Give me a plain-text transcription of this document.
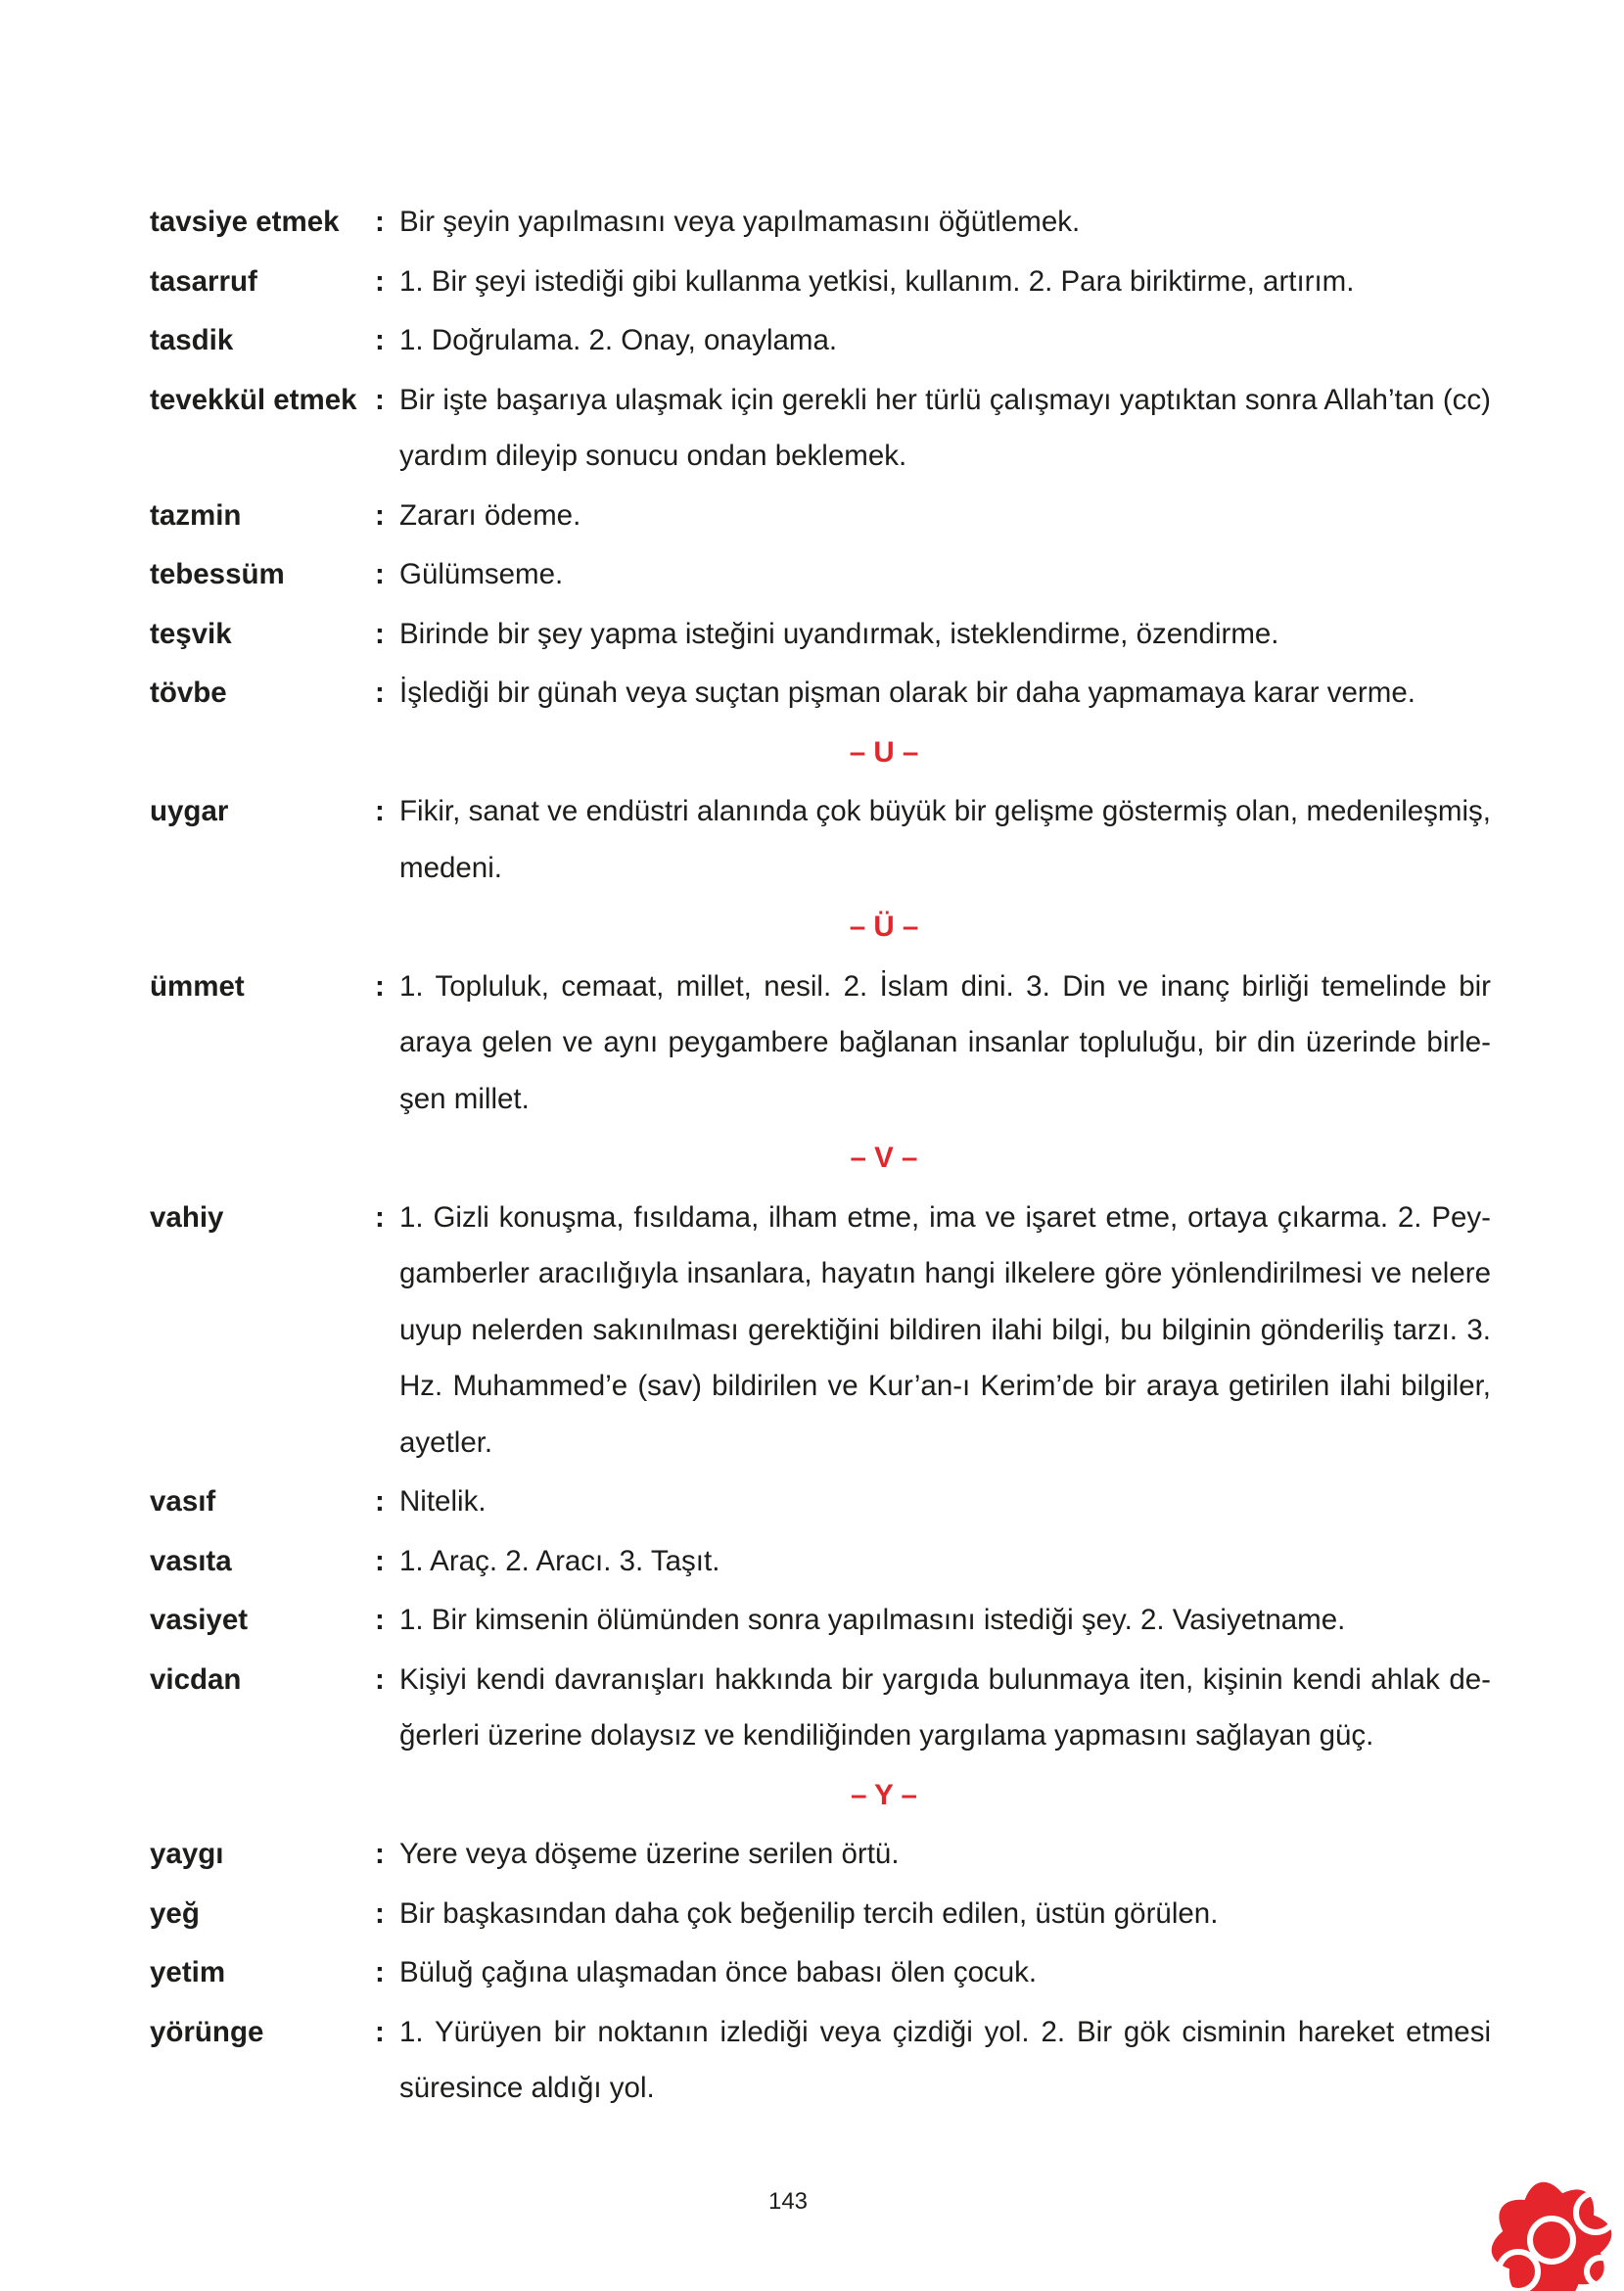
tavsiye etmek	: Bir şeyin yapılmasını veya yapılmamasını öğütlemek.
tasarruf	: 1. Bir şeyi istediği gibi kullanma yetkisi, kullanım. 2. Para biriktirme, artırım.
tasdik	: 1. Doğrulama. 2. Onay, onaylama.
tevekkül etmek : Bir işte başarıya ulaşmak için gerekli her türlü çalışmayı yaptıktan sonra Allah’tan (cc) yardım dileyip sonucu ondan beklemek.
tazmin	: Zararı ödeme.
tebessüm	: Gülümseme.
teşvik	: Birinde bir şey yapma isteğini uyandırmak, isteklendirme, özendirme.
tövbe	: İşlediği bir günah veya suçtan pişman olarak bir daha yapmamaya karar verme.
– U –
uygar	: Fikir, sanat ve endüstri alanında çok büyük bir gelişme göstermiş olan, medenileşmiş, medeni.
– Ü –
ümmet	: 1. Topluluk, cemaat, millet, nesil. 2. İslam dini. 3. Din ve inanç birliği temelinde bir araya gelen ve aynı peygambere bağlanan insanlar topluluğu, bir din üzerinde birleşen millet.
– V –
vahiy	: 1. Gizli konuşma, fısıldama, ilham etme, ima ve işaret etme, ortaya çıkarma. 2. Peygamberler aracılığıyla insanlara, hayatın hangi ilkelere göre yönlendirilmesi ve nelere uyup nelerden sakınılması gerektiğini bildiren ilahi bilgi, bu bilginin gönderiliş tarzı. 3. Hz. Muhammed’e (sav) bildirilen ve Kur’an-ı Kerim’de bir araya getirilen ilahi bilgiler, ayetler.
vasıf	: Nitelik.
vasıta	: 1. Araç. 2. Aracı. 3. Taşıt.
vasiyet	: 1. Bir kimsenin ölümünden sonra yapılmasını istediği şey. 2. Vasiyetname.
vicdan	: Kişiyi kendi davranışları hakkında bir yargıda bulunmaya iten, kişinin kendi ahlak değerleri üzerine dolaysız ve kendiliğinden yargılama yapmasını sağlayan güç.
– Y –
yaygı	: Yere veya döşeme üzerine serilen örtü.
yeğ	: Bir başkasından daha çok beğenilip tercih edilen, üstün görülen.
yetim	: Büluğ çağına ulaşmadan önce babası ölen çocuk.
yörünge	: 1. Yürüyen bir noktanın izlediği veya çizdiği yol. 2. Bir gök cisminin hareket etmesi süresince aldığı yol.
143
